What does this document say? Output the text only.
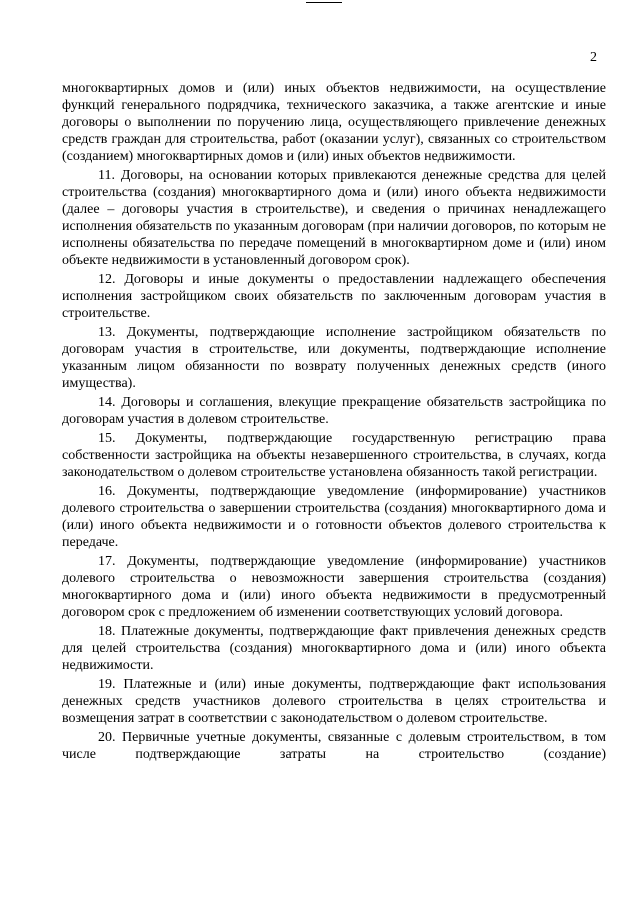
2

многоквартирных домов и (или) иных объектов недвижимости, на осуществление функций генерального подрядчика, технического заказчика, а также агентские и иные договоры о выполнении по поручению лица, осуществляющего привлечение денежных средств граждан для строительства, работ (оказании услуг), связанных со строительством (созданием) многоквартирных домов и (или) иных объектов недвижимости.

11. Договоры, на основании которых привлекаются денежные средства для целей строительства (создания) многоквартирного дома и (или) иного объекта недвижимости (далее – договоры участия в строительстве), и сведения о причинах ненадлежащего исполнения обязательств по указанным договорам (при наличии договоров, по которым не исполнены обязательства по передаче помещений в многоквартирном доме и (или) ином объекте недвижимости в установленный договором срок).

12. Договоры и иные документы о предоставлении надлежащего обеспечения исполнения застройщиком своих обязательств по заключенным договорам участия в строительстве.

13. Документы, подтверждающие исполнение застройщиком обязательств по договорам участия в строительстве, или документы, подтверждающие исполнение указанным лицом обязанности по возврату полученных денежных средств (иного имущества).

14. Договоры и соглашения, влекущие прекращение обязательств застройщика по договорам участия в долевом строительстве.

15. Документы, подтверждающие государственную регистрацию права собственности застройщика на объекты незавершенного строительства, в случаях, когда законодательством о долевом строительстве установлена обязанность такой регистрации.

16. Документы, подтверждающие уведомление (информирование) участников долевого строительства о завершении строительства (создания) многоквартирного дома и (или) иного объекта недвижимости и о готовности объектов долевого строительства к передаче.

17. Документы, подтверждающие уведомление (информирование) участников долевого строительства о невозможности завершения строительства (создания) многоквартирного дома и (или) иного объекта недвижимости в предусмотренный договором срок с предложением об изменении соответствующих условий договора.

18. Платежные документы, подтверждающие факт привлечения денежных средств для целей строительства (создания) многоквартирного дома и (или) иного объекта недвижимости.

19. Платежные и (или) иные документы, подтверждающие факт использования денежных средств участников долевого строительства в целях строительства и возмещения затрат в соответствии с законодательством о долевом строительстве.

20. Первичные учетные документы, связанные с долевым строительством, в том числе подтверждающие затраты на строительство (создание)
